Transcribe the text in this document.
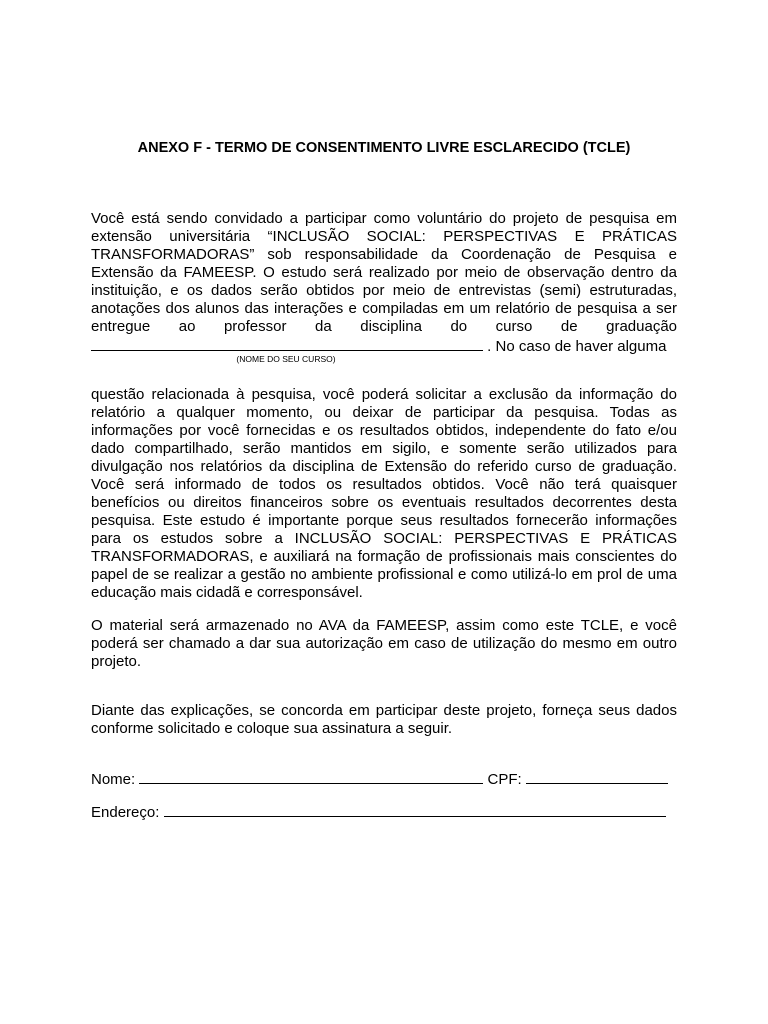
ANEXO F - TERMO DE CONSENTIMENTO LIVRE ESCLARECIDO (TCLE)
Você está sendo convidado a participar como voluntário do projeto de pesquisa em
extensão universitária “INCLUSÃO SOCIAL: PERSPECTIVAS E PRÁTICAS
TRANSFORMADORAS” sob responsabilidade da Coordenação de Pesquisa e
Extensão da FAMEESP. O estudo será realizado por meio de observação dentro da
instituição, e os dados serão obtidos por meio de entrevistas (semi) estruturadas,
anotações dos alunos das interações e compiladas em um relatório de pesquisa a ser
entregue ao professor da disciplina do curso de graduação
. No caso de haver alguma
(NOME DO SEU CURSO)
questão relacionada à pesquisa, você poderá solicitar a exclusão da informação do relatório a qualquer momento, ou deixar de participar da pesquisa. Todas as informações por você fornecidas e os resultados obtidos, independente do fato e/ou dado compartilhado, serão mantidos em sigilo, e somente serão utilizados para divulgação nos relatórios da disciplina de Extensão do referido curso de graduação. Você será informado de todos os resultados obtidos. Você não terá quaisquer benefícios ou direitos financeiros sobre os eventuais resultados decorrentes desta pesquisa. Este estudo é importante porque seus resultados fornecerão informações para os estudos sobre a INCLUSÃO SOCIAL: PERSPECTIVAS E PRÁTICAS TRANSFORMADORAS, e auxiliará na formação de profissionais mais conscientes do papel de se realizar a gestão no ambiente profissional e como utilizá-lo em prol de uma educação mais cidadã e corresponsável.
O material será armazenado no AVA da FAMEESP, assim como este TCLE, e você poderá ser chamado a dar sua autorização em caso de utilização do mesmo em outro projeto.
Diante das explicações, se concorda em participar deste projeto, forneça seus dados conforme solicitado e coloque sua assinatura a seguir.
Nome:	CPF:
Endereço:
